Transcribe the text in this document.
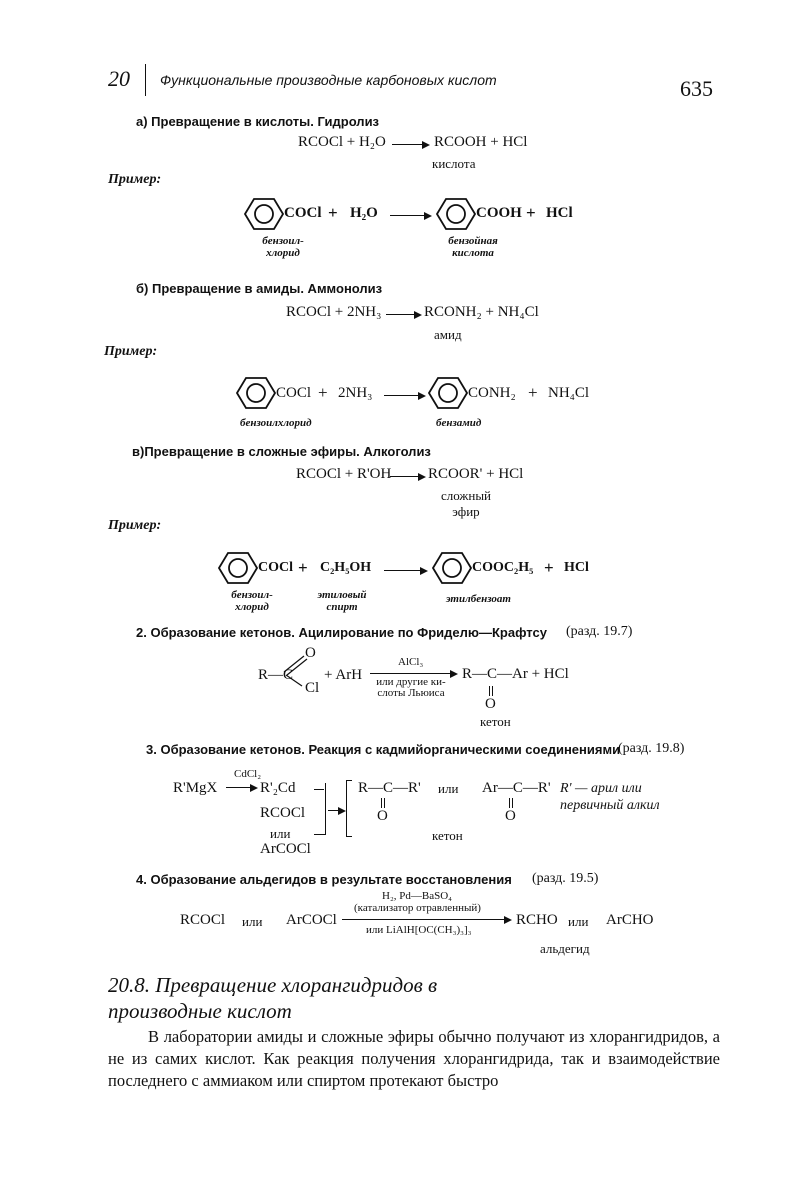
20 Функциональные производные карбоновых кислот	635
а) Превращение в кислоты. Гидролиз
RCOCl + H₂O	RCOOH + HCl
кислота
Пример:
COCl + H₂O	COOH + HCl
бензоил-хлорид
бензойная кислота
б) Превращение в амиды. Аммонолиз
RCOCl + 2NH₃	RCONH₂ + NH₄Cl
амид
Пример:
COCl + 2NH₃	CONH₂ + NH₄Cl
бензоилхлорид	бензамид
в)Превращение в сложные эфиры. Алкоголиз
RCOCl + R'OH RCOOR' + HCl
сложный эфир
Пример:
COCl + C₂H₅OH	COOC₂H₅ + HCl
бензоил-хлорид
этиловый спирт
этилбензоат
2. Образование кетонов. Ацилирование по Фриделю—Крафтсу (разд. 19.7)
R—C
O
Cl
+ ArH
AlCl₃
или другие ки-слоты Льюиса
R—C—Ar + HCl
O
кетон
3. Образование кетонов. Реакция с кадмийорганическими соединениями
(разд. 19.8)
R'MgX
CdCl₂
R'₂Cd
RCOCl
или
ArCOCl
R—C—R'
O
или Ar—C—R'
O
кетон
R' — арил или первичный алкил
4. Образование альдегидов в результате восстановления (разд. 19.5)
H₂, Pd—BaSO₄
(катализатор отравленный)
RCOCl или ArCOCl
или LiAlH[OC(CH₃)₃]₃
RCHO или ArCHO
альдегид
20.8. Превращение хлорангидридов в производные кислот

В лаборатории амиды и сложные эфиры обычно получают из хлорангидридов, а не из самих кислот. Как реакция получения хлорангидрида, так и взаимодействие последнего с аммиаком или спиртом протекают быстро
